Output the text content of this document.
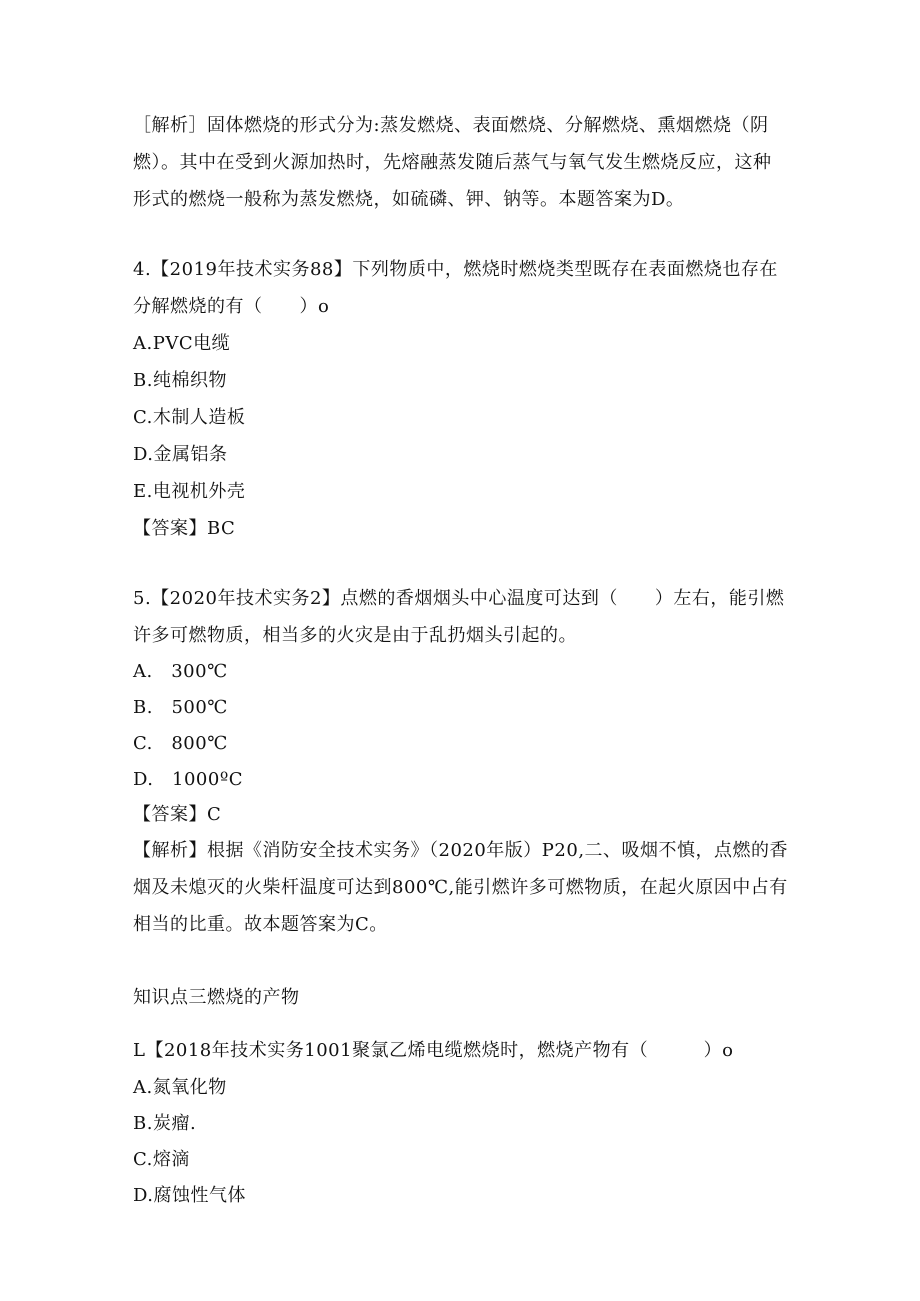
［解析］固体燃烧的形式分为:蒸发燃烧、表面燃烧、分解燃烧、熏烟燃烧（阴
燃）。其中在受到火源加热时，先熔融蒸发随后蒸气与氧气发生燃烧反应，这种
形式的燃烧一般称为蒸发燃烧，如硫磷、钾、钠等。本题答案为D。
4.【2019年技术实务88】下列物质中，燃烧时燃烧类型既存在表面燃烧也存在
分解燃烧的有（　　）o
A.PVC电缆
B.纯棉织物
C.木制人造板
D.金属铝条
E.电视机外壳
【答案】BC
5.【2020年技术实务2】点燃的香烟烟头中心温度可达到（　　）左右，能引燃
许多可燃物质，相当多的火灾是由于乱扔烟头引起的。
A.　300℃
B.　500℃
C.　800℃
D.　1000ºC
【答案】C
【解析】根据《消防安全技术实务》（2020年版）P20,二、吸烟不慎，点燃的香
烟及未熄灭的火柴杆温度可达到800℃,能引燃许多可燃物质，在起火原因中占有
相当的比重。故本题答案为C。
知识点三燃烧的产物
L【2018年技术实务1001聚氯乙烯电缆燃烧时，燃烧产物有（　　　）o
A.氮氧化物
B.炭瘤.
C.熔滴
D.腐蚀性气体
